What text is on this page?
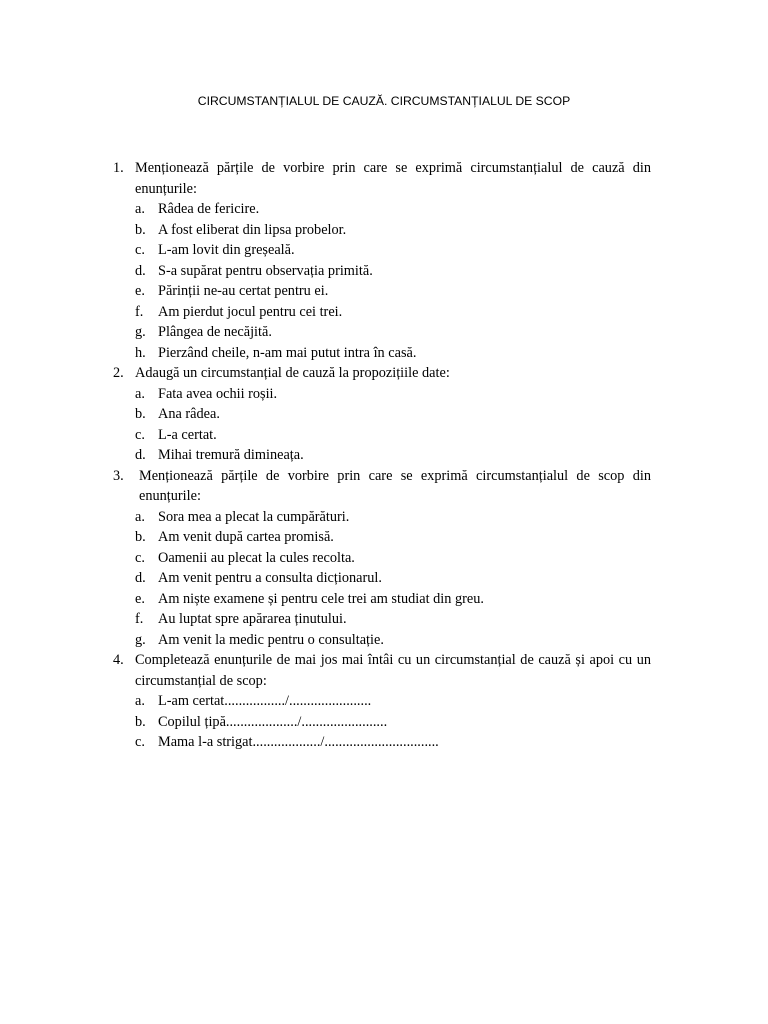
CIRCUMSTANȚIALUL DE CAUZĂ. CIRCUMSTANȚIALUL DE SCOP
1. Menționează părțile de vorbire prin care se exprimă circumstanțialul de cauză din enunțurile:
a. Râdea de fericire.
b. A fost eliberat din lipsa probelor.
c. L-am lovit din greșeală.
d. S-a supărat pentru observația primită.
e. Părinții ne-au certat pentru ei.
f.	Am pierdut jocul pentru cei trei.
g. Plângea de necăjită.
h. Pierzând cheile, n-am mai putut intra în casă.
2. Adaugă un circumstanțial de cauză la propozițiile date:
a. Fata avea ochii roșii.
b. Ana râdea.
c. L-a certat.
d. Mihai tremură dimineața.
3.	Menționează părțile de vorbire prin care se exprimă circumstanțialul de scop din enunțurile:
a. Sora mea a plecat la cumpărături.
b. Am venit după cartea promisă.
c. Oamenii au plecat la cules recolta.
d. Am venit pentru a consulta dicționarul.
e. Am niște examene și pentru cele trei am studiat din greu.
f.	Au luptat spre apărarea ținutului.
g. Am venit la medic pentru o consultație.
4. Completează enunțurile de mai jos mai întâi cu un circumstanțial de cauză și apoi cu un circumstanțial de scop:
a. L-am certat................./.......................
b. Copilul țipă..................../........................
c. Mama l-a strigat.................../................................
